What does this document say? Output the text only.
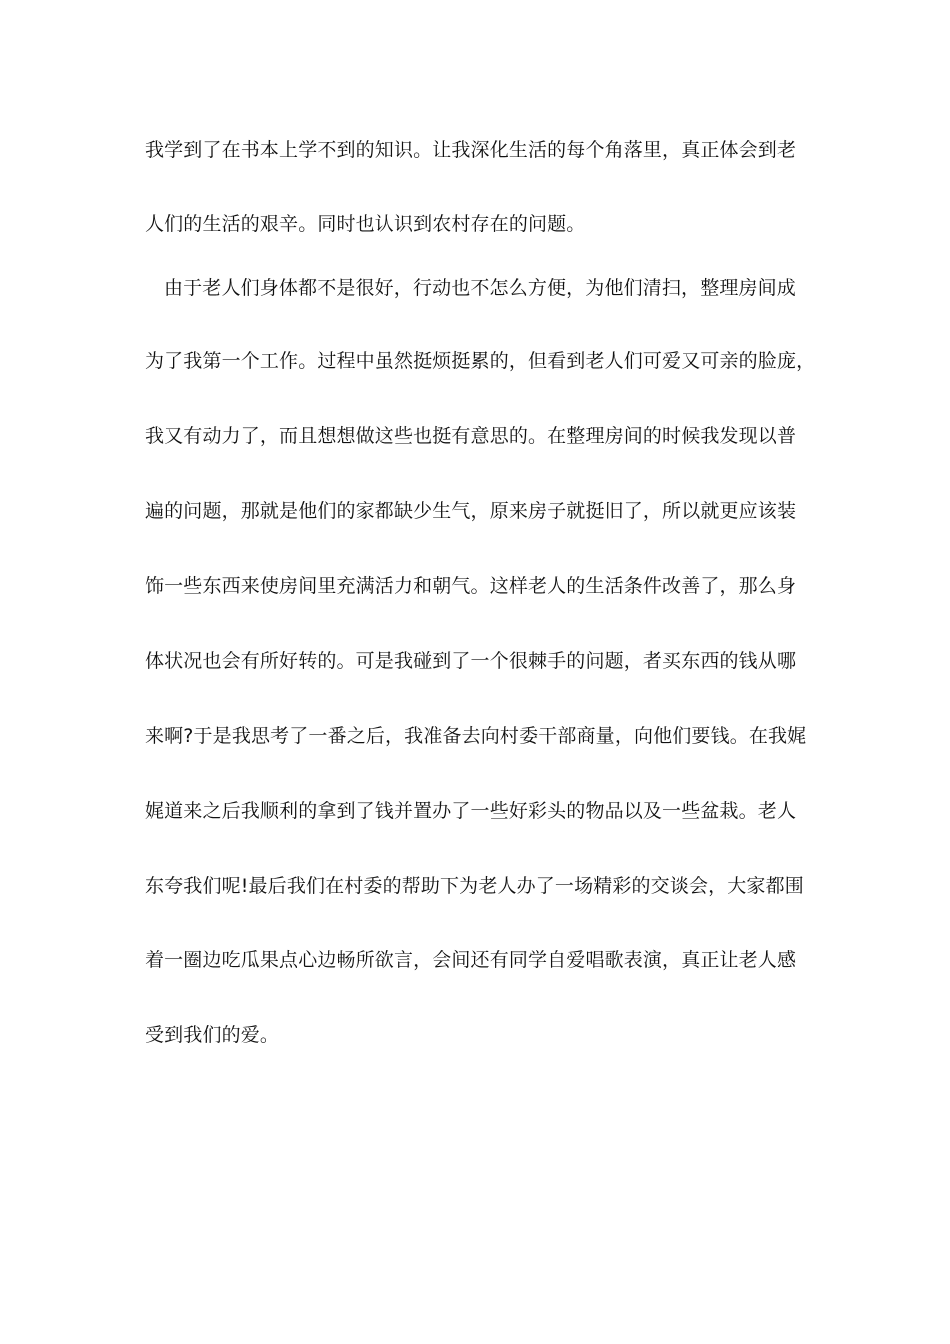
我学到了在书本上学不到的知识。让我深化生活的每个角落里，真正体会到老
人们的生活的艰辛。同时也认识到农村存在的问题。
由于老人们身体都不是很好，行动也不怎么方便，为他们清扫，整理房间成
为了我第一个工作。过程中虽然挺烦挺累的，但看到老人们可爱又可亲的脸庞，
我又有动力了，而且想想做这些也挺有意思的。在整理房间的时候我发现以普
遍的问题，那就是他们的家都缺少生气，原来房子就挺旧了，所以就更应该装
饰一些东西来使房间里充满活力和朝气。这样老人的生活条件改善了，那么身
体状况也会有所好转的。可是我碰到了一个很棘手的问题，者买东西的钱从哪
来啊?于是我思考了一番之后，我准备去向村委干部商量，向他们要钱。在我娓
娓道来之后我顺利的拿到了钱并置办了一些好彩头的物品以及一些盆栽。老人
东夸我们呢!最后我们在村委的帮助下为老人办了一场精彩的交谈会，大家都围
着一圈边吃瓜果点心边畅所欲言，会间还有同学自爱唱歌表演，真正让老人感
受到我们的爱。
